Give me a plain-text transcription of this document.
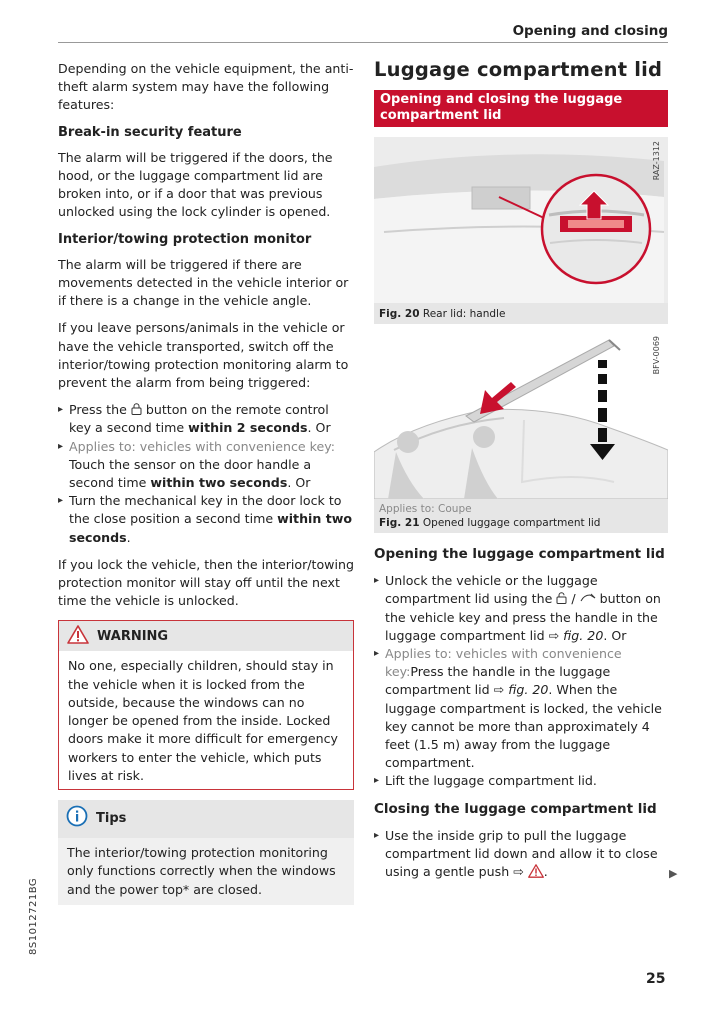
Opening and closing

Depending on the vehicle equipment, the anti-theft alarm system may have the following features:

Break-in security feature

The alarm will be triggered if the doors, the hood, or the luggage compartment lid are broken into, or if a door that was previous unlocked using the lock cylinder is opened.

Interior/towing protection monitor

The alarm will be triggered if there are movements detected in the vehicle interior or if there is a change in the vehicle angle.

If you leave persons/animals in the vehicle or have the vehicle transported, switch off the interior/towing protection monitoring alarm to prevent the alarm from being triggered:

▸ Press the button on the remote control key a second time within 2 seconds. Or
▸ Applies to: vehicles with convenience key:
Touch the sensor on the door handle a second time within two seconds. Or
▸ Turn the mechanical key in the door lock to the close position a second time within two seconds.

If you lock the vehicle, then the interior/towing protection monitor will stay off until the next time the vehicle is unlocked.

WARNING
No one, especially children, should stay in the vehicle when it is locked from the outside, because the windows can no longer be opened from the inside. Locked doors make it more difficult for emergency workers to enter the vehicle, which puts lives at risk.
Tips
The interior/towing protection monitoring only functions correctly when the windows and the power top* are closed.
Luggage compartment lid
Opening and closing the luggage compartment lid
RAZ-1312
Fig. 20 Rear lid: handle
BFV-0069
Applies to: Coupe
Fig. 21 Opened luggage compartment lid
Opening the luggage compartment lid
▸ Unlock the vehicle or the luggage compartment lid using the / button on the vehicle key and press the handle in the luggage compartment lid ⇨ fig. 20. Or
▸ Applies to: vehicles with convenience key:Press the handle in the luggage compartment lid ⇨ fig. 20. When the luggage compartment is locked, the vehicle key cannot be more than approximately 4 feet (1.5 m) away from the luggage compartment.
▸ Lift the luggage compartment lid.
Closing the luggage compartment lid
▸ Use the inside grip to pull the luggage compartment lid down and allow it to close using a gentle push ⇨ .	▶
8S1012721BG
25
